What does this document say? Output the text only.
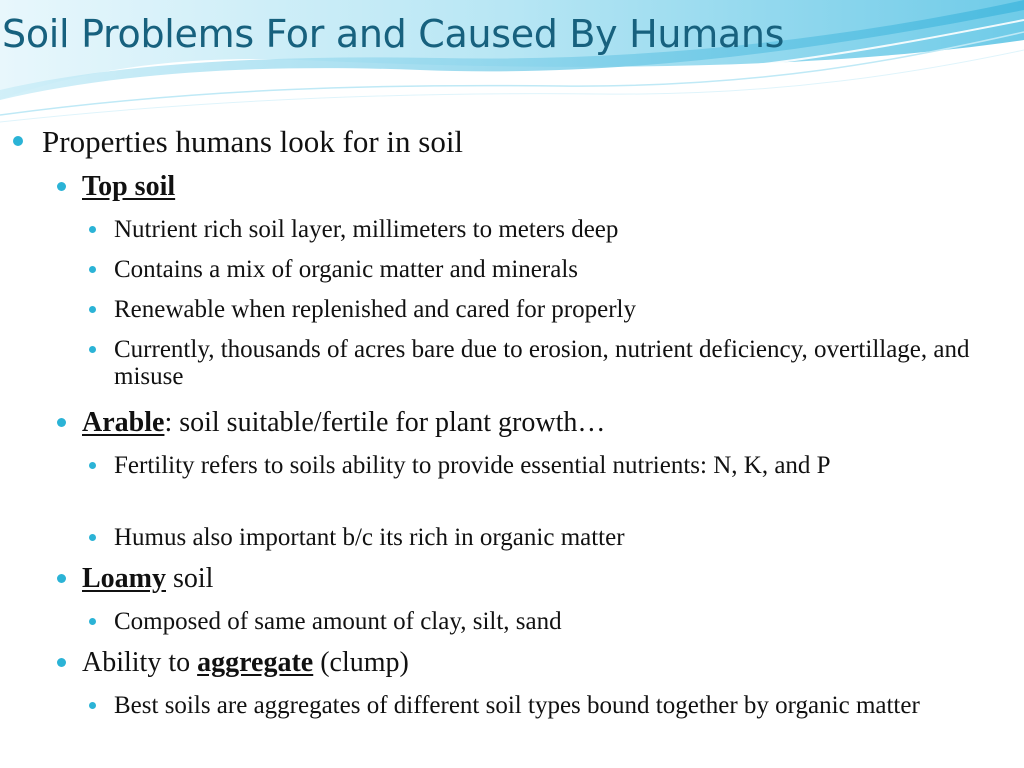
Soil Problems For and Caused By Humans

Properties humans look for in soil

Top soil

Nutrient rich soil layer, millimeters to meters deep

Contains a mix of organic matter and minerals

Renewable when replenished and cared for properly

Currently, thousands of acres bare due to erosion, nutrient deficiency, overtillage, and misuse

Arable: soil suitable/fertile for plant growth…

Fertility refers to soils ability to provide essential nutrients: N, K, and P

Humus also important b/c its rich in organic matter

Loamy soil

Composed of same amount of clay, silt, sand

Ability to aggregate (clump)

Best soils are aggregates of different soil types bound together by organic matter
